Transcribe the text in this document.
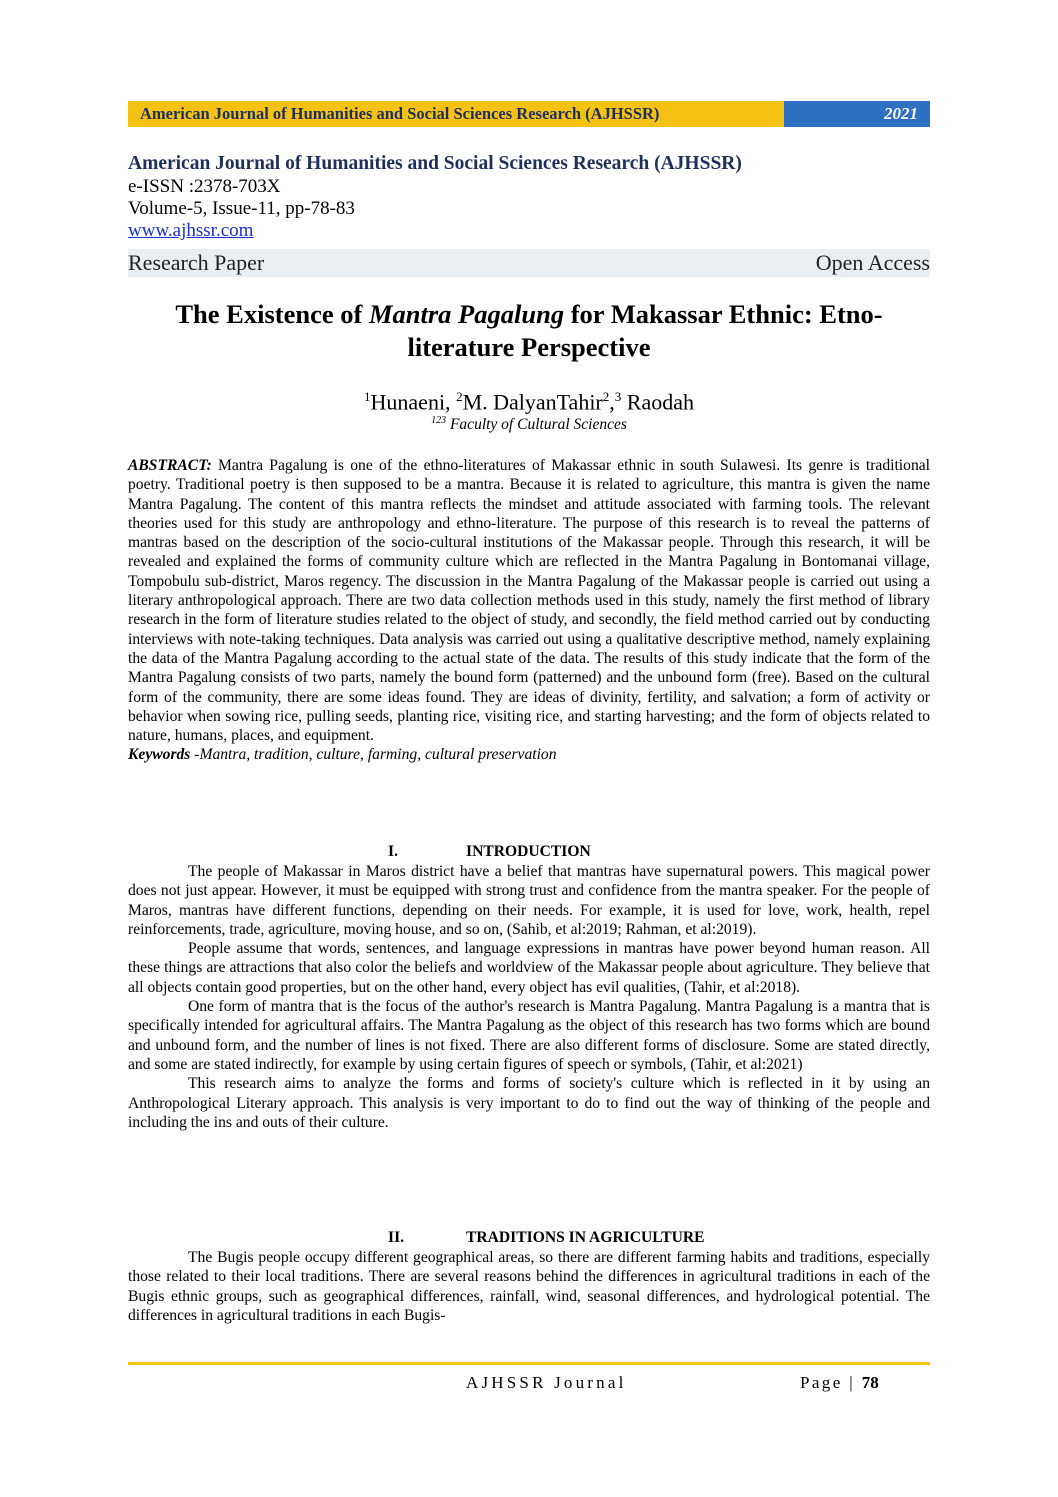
American Journal of Humanities and Social Sciences Research (AJHSSR)	2021
American Journal of Humanities and Social Sciences Research (AJHSSR)
e-ISSN :2378-703X
Volume-5, Issue-11, pp-78-83
www.ajhssr.com
Research Paper	Open Access
The Existence of Mantra Pagalung for Makassar Ethnic: Etno-literature Perspective
$^1$Hunaeni, $^2$M. DalyanTahir$^2$,$^3$ Raodah
$^{123}$ Faculty of Cultural Sciences

ABSTRACT: Mantra Pagalung is one of the ethno-literatures of Makassar ethnic in south Sulawesi. Its genre is traditional poetry. Traditional poetry is then supposed to be a mantra. Because it is related to agriculture, this mantra is given the name Mantra Pagalung. The content of this mantra reflects the mindset and attitude associated with farming tools. The relevant theories used for this study are anthropology and ethno-literature. The purpose of this research is to reveal the patterns of mantras based on the description of the socio-cultural institutions of the Makassar people. Through this research, it will be revealed and explained the forms of community culture which are reflected in the Mantra Pagalung in Bontomanai village, Tompobulu sub-district, Maros regency. The discussion in the Mantra Pagalung of the Makassar people is carried out using a literary anthropological approach. There are two data collection methods used in this study, namely the first method of library research in the form of literature studies related to the object of study, and secondly, the field method carried out by conducting interviews with note-taking techniques. Data analysis was carried out using a qualitative descriptive method, namely explaining the data of the Mantra Pagalung according to the actual state of the data. The results of this study indicate that the form of the Mantra Pagalung consists of two parts, namely the bound form (patterned) and the unbound form (free). Based on the cultural form of the community, there are some ideas found. They are ideas of divinity, fertility, and salvation; a form of activity or behavior when sowing rice, pulling seeds, planting rice, visiting rice, and starting harvesting; and the form of objects related to nature, humans, places, and equipment.

Keywords -Mantra, tradition, culture, farming, cultural preservation

I.	INTRODUCTION

The people of Makassar in Maros district have a belief that mantras have supernatural powers. This magical power does not just appear. However, it must be equipped with strong trust and confidence from the mantra speaker. For the people of Maros, mantras have different functions, depending on their needs. For example, it is used for love, work, health, repel reinforcements, trade, agriculture, moving house, and so on, (Sahib, et al:2019; Rahman, et al:2019).

People assume that words, sentences, and language expressions in mantras have power beyond human reason. All these things are attractions that also color the beliefs and worldview of the Makassar people about agriculture. They believe that all objects contain good properties, but on the other hand, every object has evil qualities, (Tahir, et al:2018).

One form of mantra that is the focus of the author's research is Mantra Pagalung. Mantra Pagalung is a mantra that is specifically intended for agricultural affairs. The Mantra Pagalung as the object of this research has two forms which are bound and unbound form, and the number of lines is not fixed. There are also different forms of disclosure. Some are stated directly, and some are stated indirectly, for example by using certain figures of speech or symbols, (Tahir, et al:2021)

This research aims to analyze the forms and forms of society's culture which is reflected in it by using an Anthropological Literary approach. This analysis is very important to do to find out the way of thinking of the people and including the ins and outs of their culture.

II.	TRADITIONS IN AGRICULTURE

The Bugis people occupy different geographical areas, so there are different farming habits and traditions, especially those related to their local traditions. There are several reasons behind the differences in agricultural traditions in each of the Bugis ethnic groups, such as geographical differences, rainfall, wind, seasonal differences, and hydrological potential. The differences in agricultural traditions in each Bugis-

AJHSSR Journal	Page | 78
